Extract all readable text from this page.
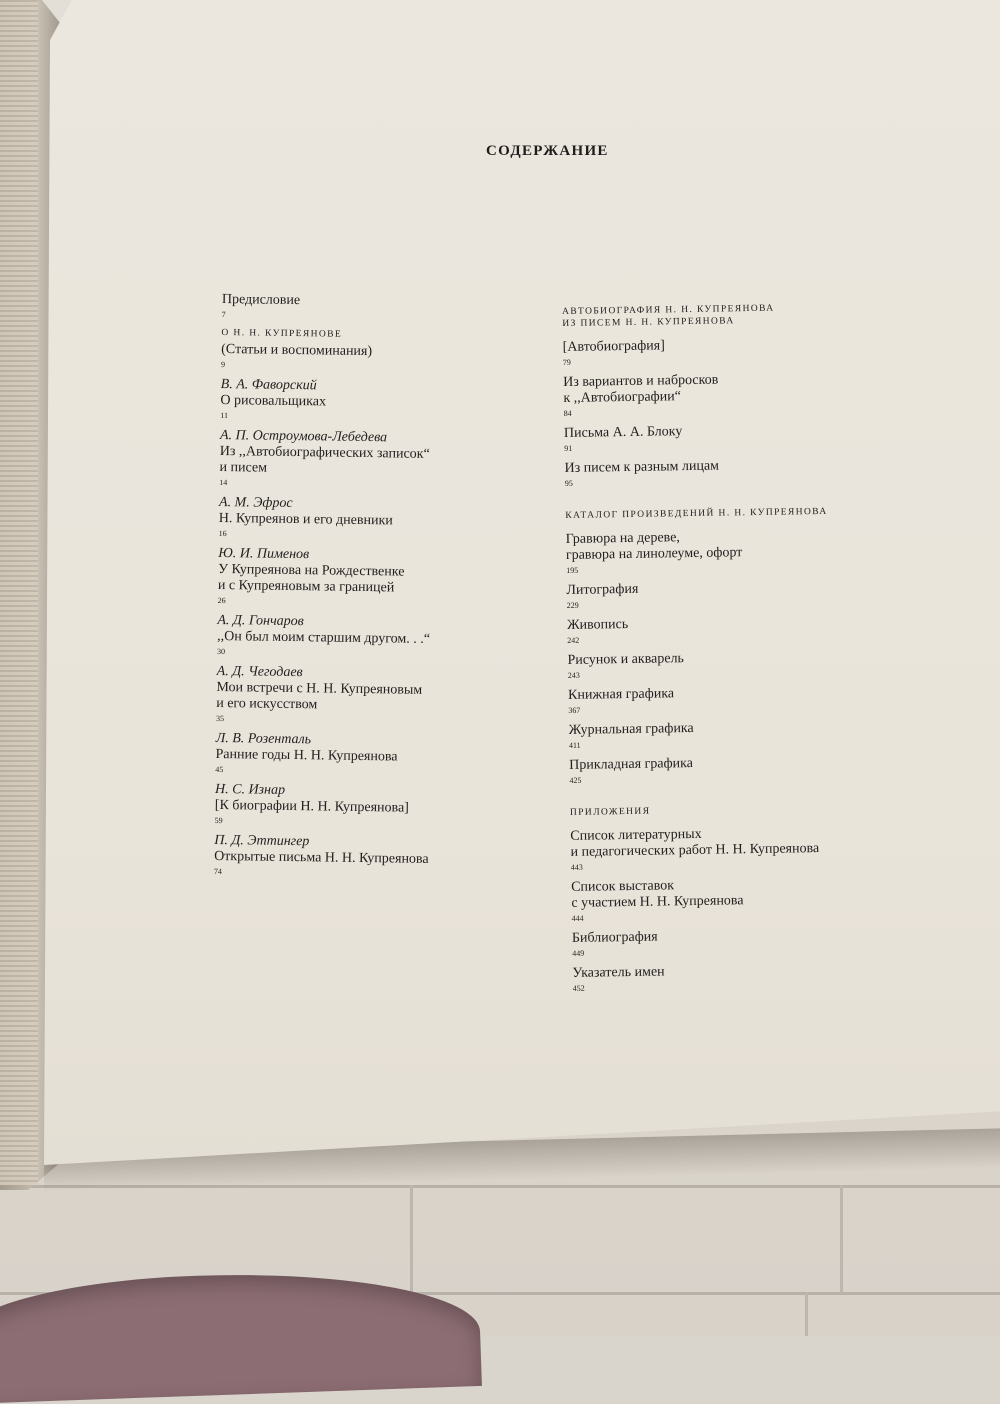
СОДЕРЖАНИЕ
Предисловие
7
О Н. Н. КУПРЕЯНОВЕ
(Статьи и воспоминания)
9
В. А. Фаворский
О рисовальщиках
11
А. П. Остроумова-Лебедева
Из ,,Автобиографических записок“
и писем
14
А. М. Эфрос
Н. Купреянов и его дневники
16
Ю. И. Пименов
У Купреянова на Рождественке
и с Купреяновым за границей
26
А. Д. Гончаров
,,Он был моим старшим другом. . .“
30
А. Д. Чегодаев
Мои встречи с Н. Н. Купреяновым
и его искусством
35
Л. В. Розенталь
Ранние годы Н. Н. Купреянова
45
Н. С. Изнар
[К биографии Н. Н. Купреянова]
59
П. Д. Эттингер
Открытые письма Н. Н. Купреянова
74
АВТОБИОГРАФИЯ Н. Н. КУПРЕЯНОВА
ИЗ ПИСЕМ Н. Н. КУПРЕЯНОВА
[Автобиография]
79
Из вариантов и набросков
к ,,Автобиографии“
84
Письма А. А. Блоку
91
Из писем к разным лицам
95
КАТАЛОГ ПРОИЗВЕДЕНИЙ Н. Н. КУПРЕЯНОВА
Гравюра на дереве,
гравюра на линолеуме, офорт
195
Литография
229
Живопись
242
Рисунок и акварель
243
Книжная графика
367
Журнальная графика
411
Прикладная графика
425
ПРИЛОЖЕНИЯ
Список литературных
и педагогических работ Н. Н. Купреянова
443
Список выставок
с участием Н. Н. Купреянова
444
Библиография
449
Указатель имен
452
